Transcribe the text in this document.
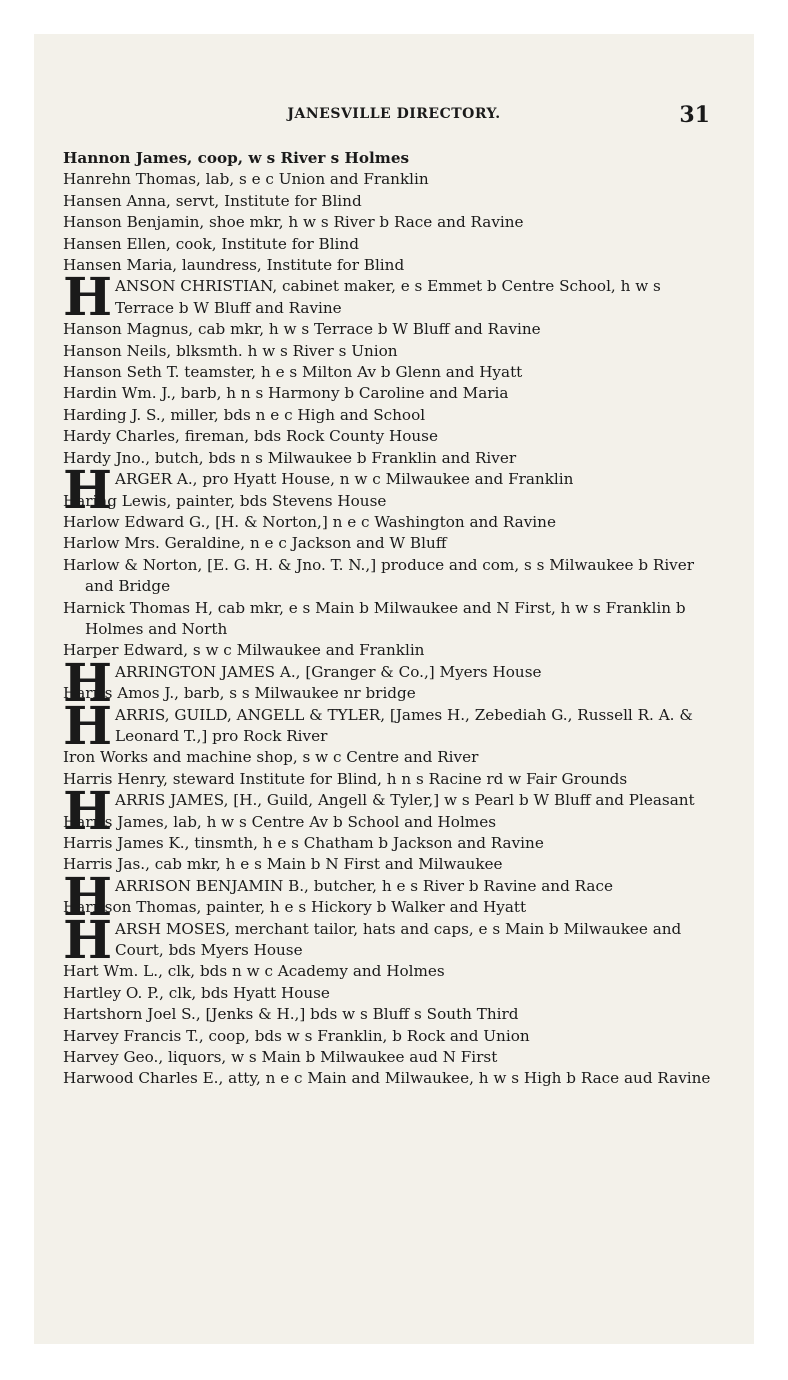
JANESVILLE DIRECTORY.	31

Hannon James, coop, w s River s Holmes

Hanrehn Thomas, lab, s e c Union and Franklin

Hansen Anna, servt, Institute for Blind

Hanson Benjamin, shoe mkr, h w s River b Race and Ravine

Hansen Ellen, cook, Institute for Blind

Hansen Maria, laundress, Institute for Blind

H ANSON CHRISTIAN, cabinet maker, e s Emmet b Centre School, h w s Terrace b W Bluff and Ravine

Hanson Magnus, cab mkr, h w s Terrace b W Bluff and Ravine

Hanson Neils, blksmth. h w s River s Union

Hanson Seth T. teamster, h e s Milton Av b Glenn and Hyatt

Hardin Wm. J., barb, h n s Harmony b Caroline and Maria

Harding J. S., miller, bds n e c High and School

Hardy Charles, fireman, bds Rock County House

Hardy Jno., butch, bds n s Milwaukee b Franklin and River

H ARGER A., pro Hyatt House, n w c Milwaukee and Franklin

Haring Lewis, painter, bds Stevens House

Harlow Edward G., [H. & Norton,] n e c Washington and Ravine

Harlow Mrs. Geraldine, n e c Jackson and W Bluff

Harlow & Norton, [E. G. H. & Jno. T. N.,] produce and com, s s Milwaukee b River and Bridge

Harnick Thomas H, cab mkr, e s Main b Milwaukee and N First, h w s Franklin b Holmes and North

Harper Edward, s w c Milwaukee and Franklin

H ARRINGTON JAMES A., [Granger & Co.,] Myers House

Harris Amos J., barb, s s Milwaukee nr bridge

H ARRIS, GUILD, ANGELL & TYLER, [James H., Zebediah G., Russell R. A. & Leonard T.,] pro Rock River
Iron Works and machine shop, s w c Centre and River

Harris Henry, steward Institute for Blind, h n s Racine rd w Fair Grounds

H ARRIS JAMES, [H., Guild, Angell & Tyler,] w s Pearl b W Bluff and Pleasant

Harris James, lab, h w s Centre Av b School and Holmes

Harris James K., tinsmth, h e s Chatham b Jackson and Ravine

Harris Jas., cab mkr, h e s Main b N First and Milwaukee

H ARRISON BENJAMIN B., butcher, h e s River b Ravine and Race

Harrison Thomas, painter, h e s Hickory b Walker and Hyatt

H ARSH MOSES, merchant tailor, hats and caps, e s Main b Milwaukee and Court, bds Myers House

Hart Wm. L., clk, bds n w c Academy and Holmes

Hartley O. P., clk, bds Hyatt House

Hartshorn Joel S., [Jenks & H.,] bds w s Bluff s South Third

Harvey Francis T., coop, bds w s Franklin, b Rock and Union

Harvey Geo., liquors, w s Main b Milwaukee aud N First

Harwood Charles E., atty, n e c Main and Milwaukee, h w s High b Race aud Ravine
